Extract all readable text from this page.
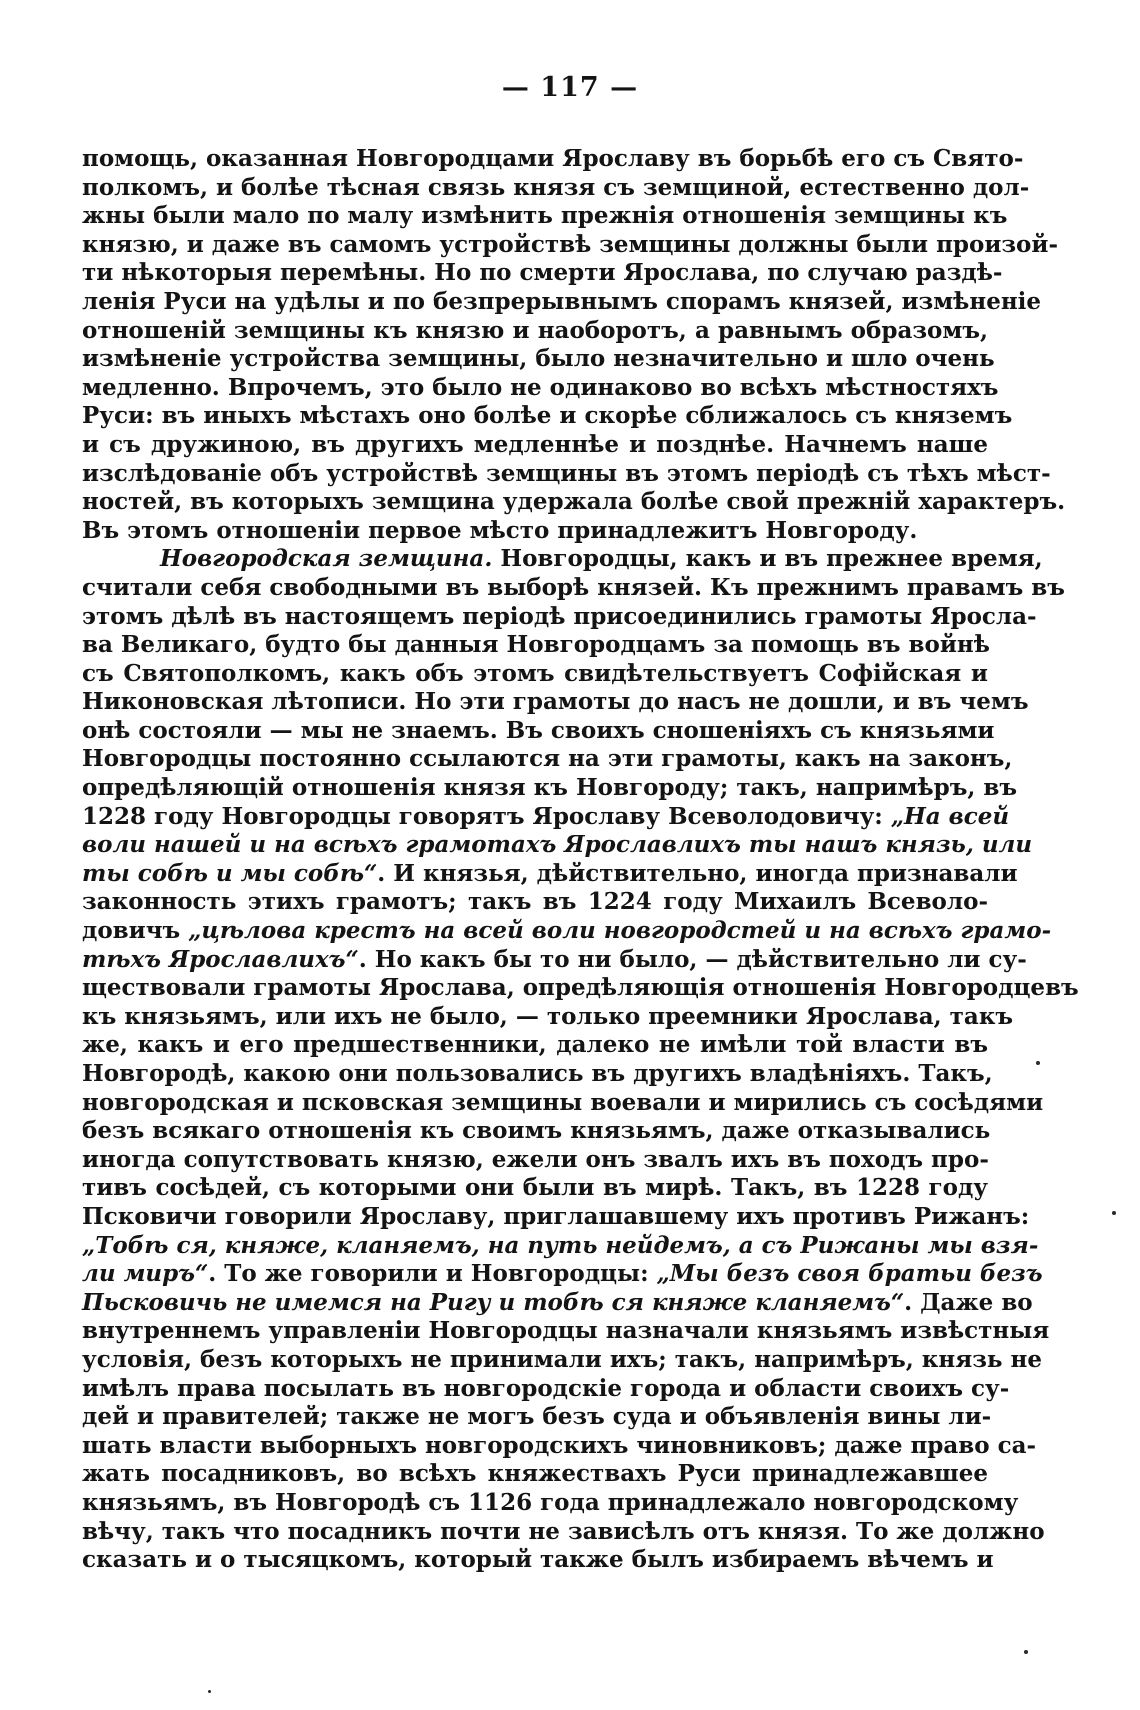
— 117 —
помощь, оказанная Новгородцами Ярославу въ борьбѣ его съ Свято-
полкомъ, и болѣе тѣсная связь князя съ земщиной, естественно дол-
жны были мало по малу измѣнить прежнія отношенія земщины къ
князю, и даже въ самомъ устройствѣ земщины должны были произой-
ти нѣкоторыя перемѣны. Но по смерти Ярослава, по случаю раздѣ-
ленія Руси на удѣлы и по безпрерывнымъ спорамъ князей, измѣненіе
отношеній земщины къ князю и наоборотъ, а равнымъ образомъ,
измѣненіе устройства земщины, было незначительно и шло очень
медленно. Впрочемъ, это было не одинаково во всѣхъ мѣстностяхъ
Руси: въ иныхъ мѣстахъ оно болѣе и скорѣе сближалось съ княземъ
и съ дружиною, въ другихъ медленнѣе и позднѣе. Начнемъ наше
изслѣдованіе объ устройствѣ земщины въ этомъ періодѣ съ тѣхъ мѣст-
ностей, въ которыхъ земщина удержала болѣе свой прежній характеръ.
Въ этомъ отношеніи первое мѣсто принадлежитъ Новгороду.
Новгородская земщина. Новгородцы, какъ и въ прежнее время,
считали себя свободными въ выборѣ князей. Къ прежнимъ правамъ въ
этомъ дѣлѣ въ настоящемъ періодѣ присоединились грамоты Яросла-
ва Великаго, будто бы данныя Новгородцамъ за помощь въ войнѣ
съ Святополкомъ, какъ объ этомъ свидѣтельствуетъ Софійская и
Никоновская лѣтописи. Но эти грамоты до насъ не дошли, и въ чемъ
онѣ состояли — мы не знаемъ. Въ своихъ сношеніяхъ съ князьями
Новгородцы постоянно ссылаются на эти грамоты, какъ на законъ,
опредѣляющій отношенія князя къ Новгороду; такъ, напримѣръ, въ
1228 году Новгородцы говорятъ Ярославу Всеволодовичу: „На всей
воли нашей и на всѣхъ грамотахъ Ярославлихъ ты нашъ князь, или
ты собѣ и мы собѣ“. И князья, дѣйствительно, иногда признавали
законность этихъ грамотъ; такъ въ 1224 году Михаилъ Всеволо-
довичъ „цѣлова крестъ на всей воли новгородстей и на всѣхъ грамо-
тѣхъ Ярославлихъ“. Но какъ бы то ни было, — дѣйствительно ли су-
ществовали грамоты Ярослава, опредѣляющія отношенія Новгородцевъ
къ князьямъ, или ихъ не было, — только преемники Ярослава, такъ
же, какъ и его предшественники, далеко не имѣли той власти въ
Новгородѣ, какою они пользовались въ другихъ владѣніяхъ. Такъ,
новгородская и псковская земщины воевали и мирились съ сосѣдями
безъ всякаго отношенія къ своимъ князьямъ, даже отказывались
иногда сопутствовать князю, ежели онъ звалъ ихъ въ походъ про-
тивъ сосѣдей, съ которыми они были въ мирѣ. Такъ, въ 1228 году
Псковичи говорили Ярославу, приглашавшему ихъ противъ Рижанъ:
„Тобѣ ся, княже, кланяемъ, на путь нейдемъ, а съ Рижаны мы взя-
ли миръ“. То же говорили и Новгородцы: „Мы безъ своя братьи безъ
Пьсковичь не имемся на Ригу и тобѣ ся княже кланяемъ“. Даже во
внутреннемъ управленіи Новгородцы назначали князьямъ извѣстныя
условія, безъ которыхъ не принимали ихъ; такъ, напримѣръ, князь не
имѣлъ права посылать въ новгородскіе города и области своихъ су-
дей и правителей; также не могъ безъ суда и объявленія вины ли-
шать власти выборныхъ новгородскихъ чиновниковъ; даже право са-
жать посадниковъ, во всѣхъ княжествахъ Руси принадлежавшее
князьямъ, въ Новгородѣ съ 1126 года принадлежало новгородскому
вѣчу, такъ что посадникъ почти не зависѣлъ отъ князя. То же должно
сказать и о тысяцкомъ, который также былъ избираемъ вѣчемъ и
